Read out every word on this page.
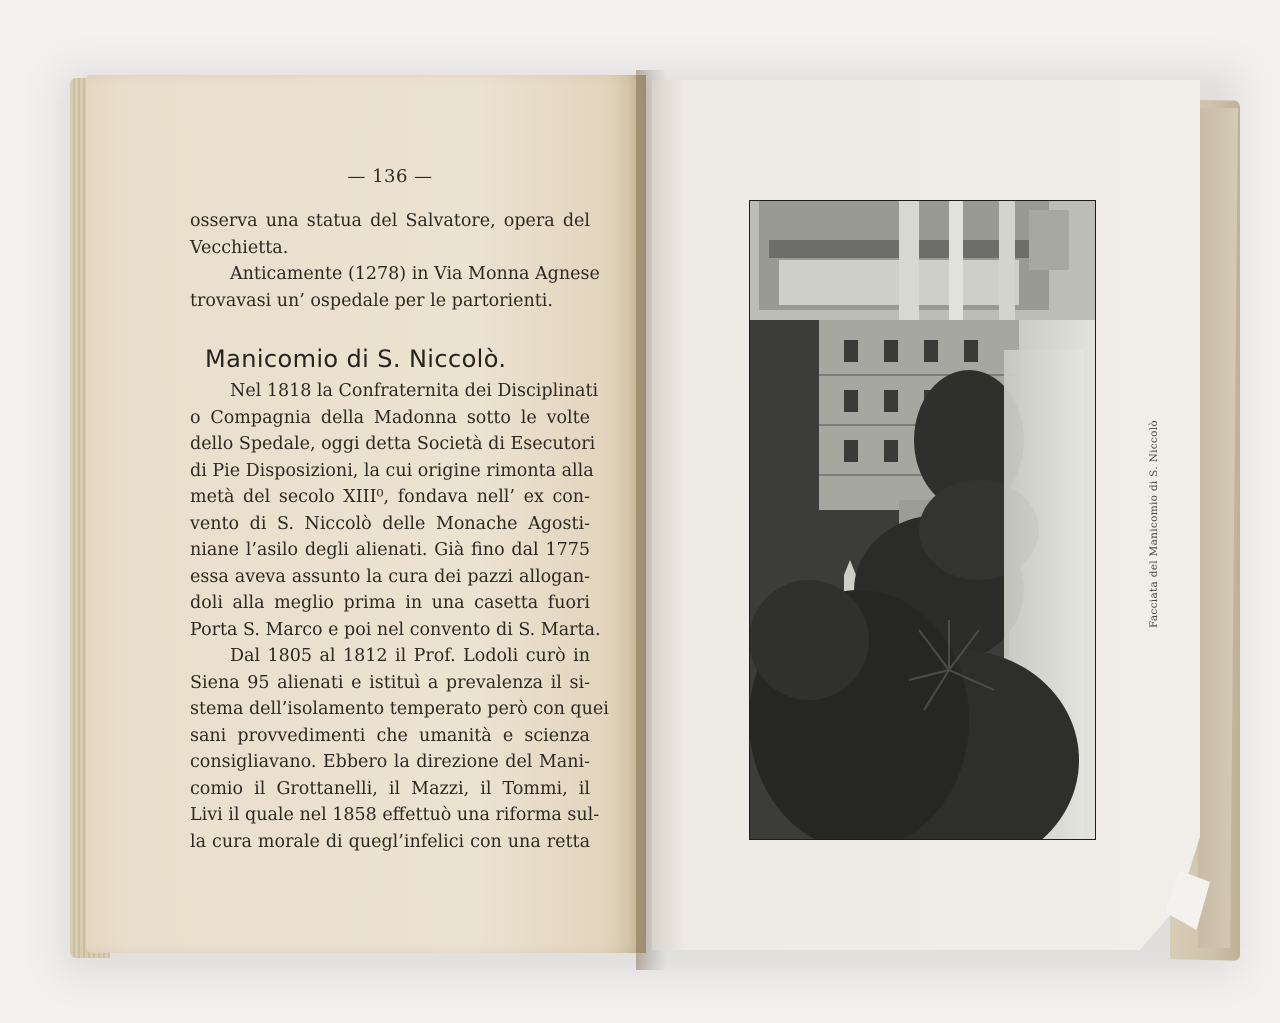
— 136 —
osserva una statua del Salvatore, opera del
Vecchietta.
Anticamente (1278) in Via Monna Agnese
trovavasi un’ ospedale per le partorienti.
Manicomio di S. Niccolò.
Nel 1818 la Confraternita dei Disciplinati
o Compagnia della Madonna sotto le volte
dello Spedale, oggi detta Società di Esecutori
di Pie Disposizioni, la cui origine rimonta alla
metà del secolo XIII⁰, fondava nell’ ex con-
vento di S. Niccolò delle Monache Agosti-
niane l’asilo degli alienati. Già fino dal 1775
essa aveva assunto la cura dei pazzi allogan-
doli alla meglio prima in una casetta fuori
Porta S. Marco e poi nel convento di S. Marta.
Dal 1805 al 1812 il Prof. Lodoli curò in
Siena 95 alienati e istituì a prevalenza il si-
stema dell’isolamento temperato però con quei
sani provvedimenti che umanità e scienza
consigliavano. Ebbero la direzione del Mani-
comio il Grottanelli, il Mazzi, il Tommi, il
Livi il quale nel 1858 effettuò una riforma sul-
la cura morale di quegl’infelici con una retta
Facciata del Manicomio di S. Niccolò
